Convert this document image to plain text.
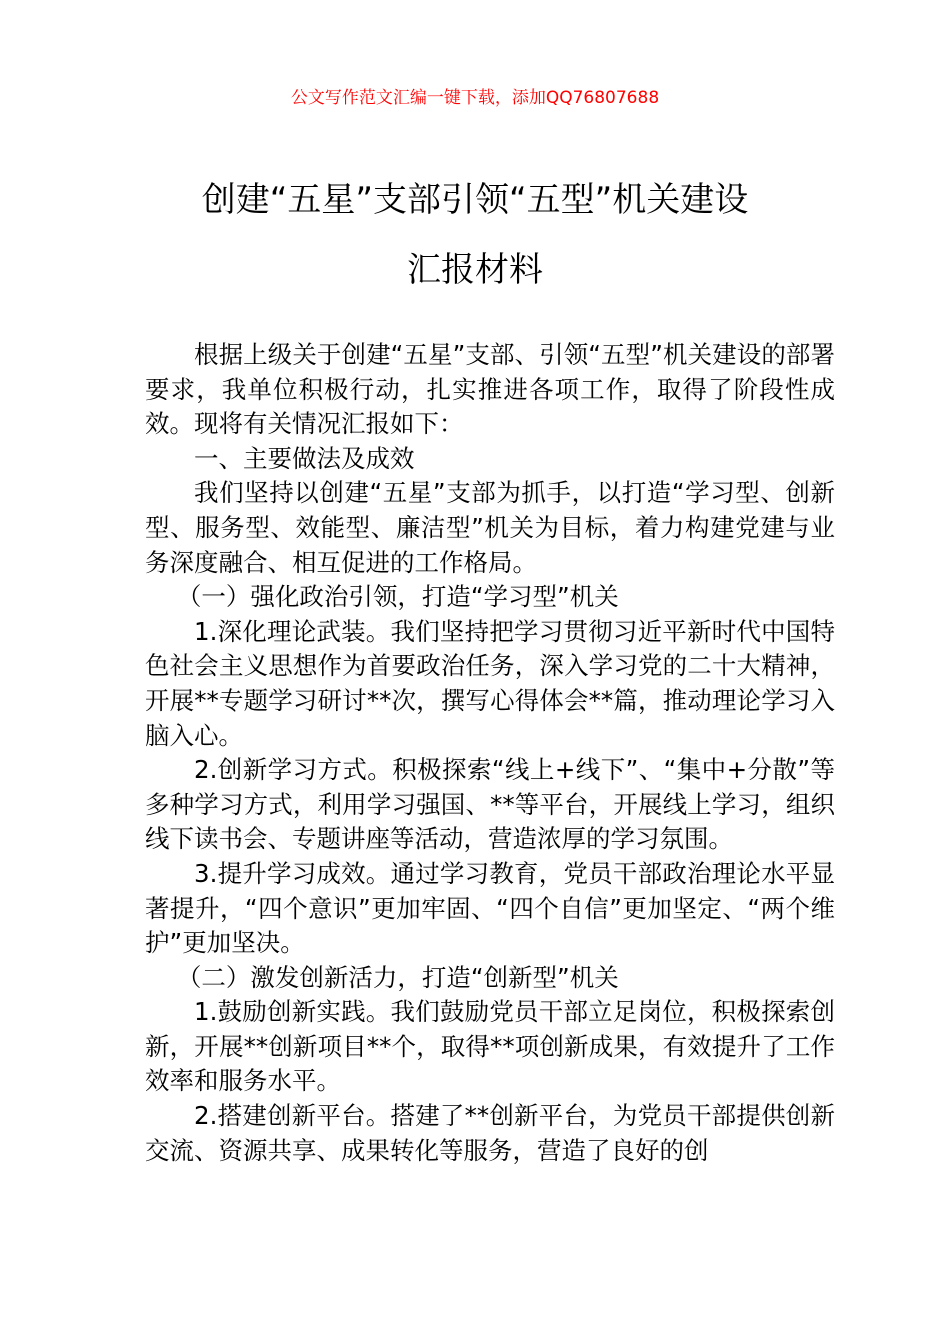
公文写作范文汇编一键下载，添加QQ76807688
创建“五星”支部引领“五型”机关建设
汇报材料

根据上级关于创建“五星”支部、引领“五型”机关建设的部署要求，我单位积极行动，扎实推进各项工作，取得了阶段性成效。现将有关情况汇报如下：

一、主要做法及成效

我们坚持以创建“五星”支部为抓手，以打造“学习型、创新型、服务型、效能型、廉洁型”机关为目标，着力构建党建与业务深度融合、相互促进的工作格局。

（一）强化政治引领，打造“学习型”机关

1.深化理论武装。我们坚持把学习贯彻习近平新时代中国特色社会主义思想作为首要政治任务，深入学习党的二十大精神，开展**专题学习研讨**次，撰写心得体会**篇，推动理论学习入脑入心。

2.创新学习方式。积极探索“线上+线下”、“集中+分散”等多种学习方式，利用学习强国、**等平台，开展线上学习，组织线下读书会、专题讲座等活动，营造浓厚的学习氛围。

3.提升学习成效。通过学习教育，党员干部政治理论水平显著提升，“四个意识”更加牢固、“四个自信”更加坚定、“两个维护”更加坚决。

（二）激发创新活力，打造“创新型”机关

1.鼓励创新实践。我们鼓励党员干部立足岗位，积极探索创新，开展**创新项目**个，取得**项创新成果，有效提升了工作效率和服务水平。

2.搭建创新平台。搭建了**创新平台，为党员干部提供创新交流、资源共享、成果转化等服务，营造了良好的创
